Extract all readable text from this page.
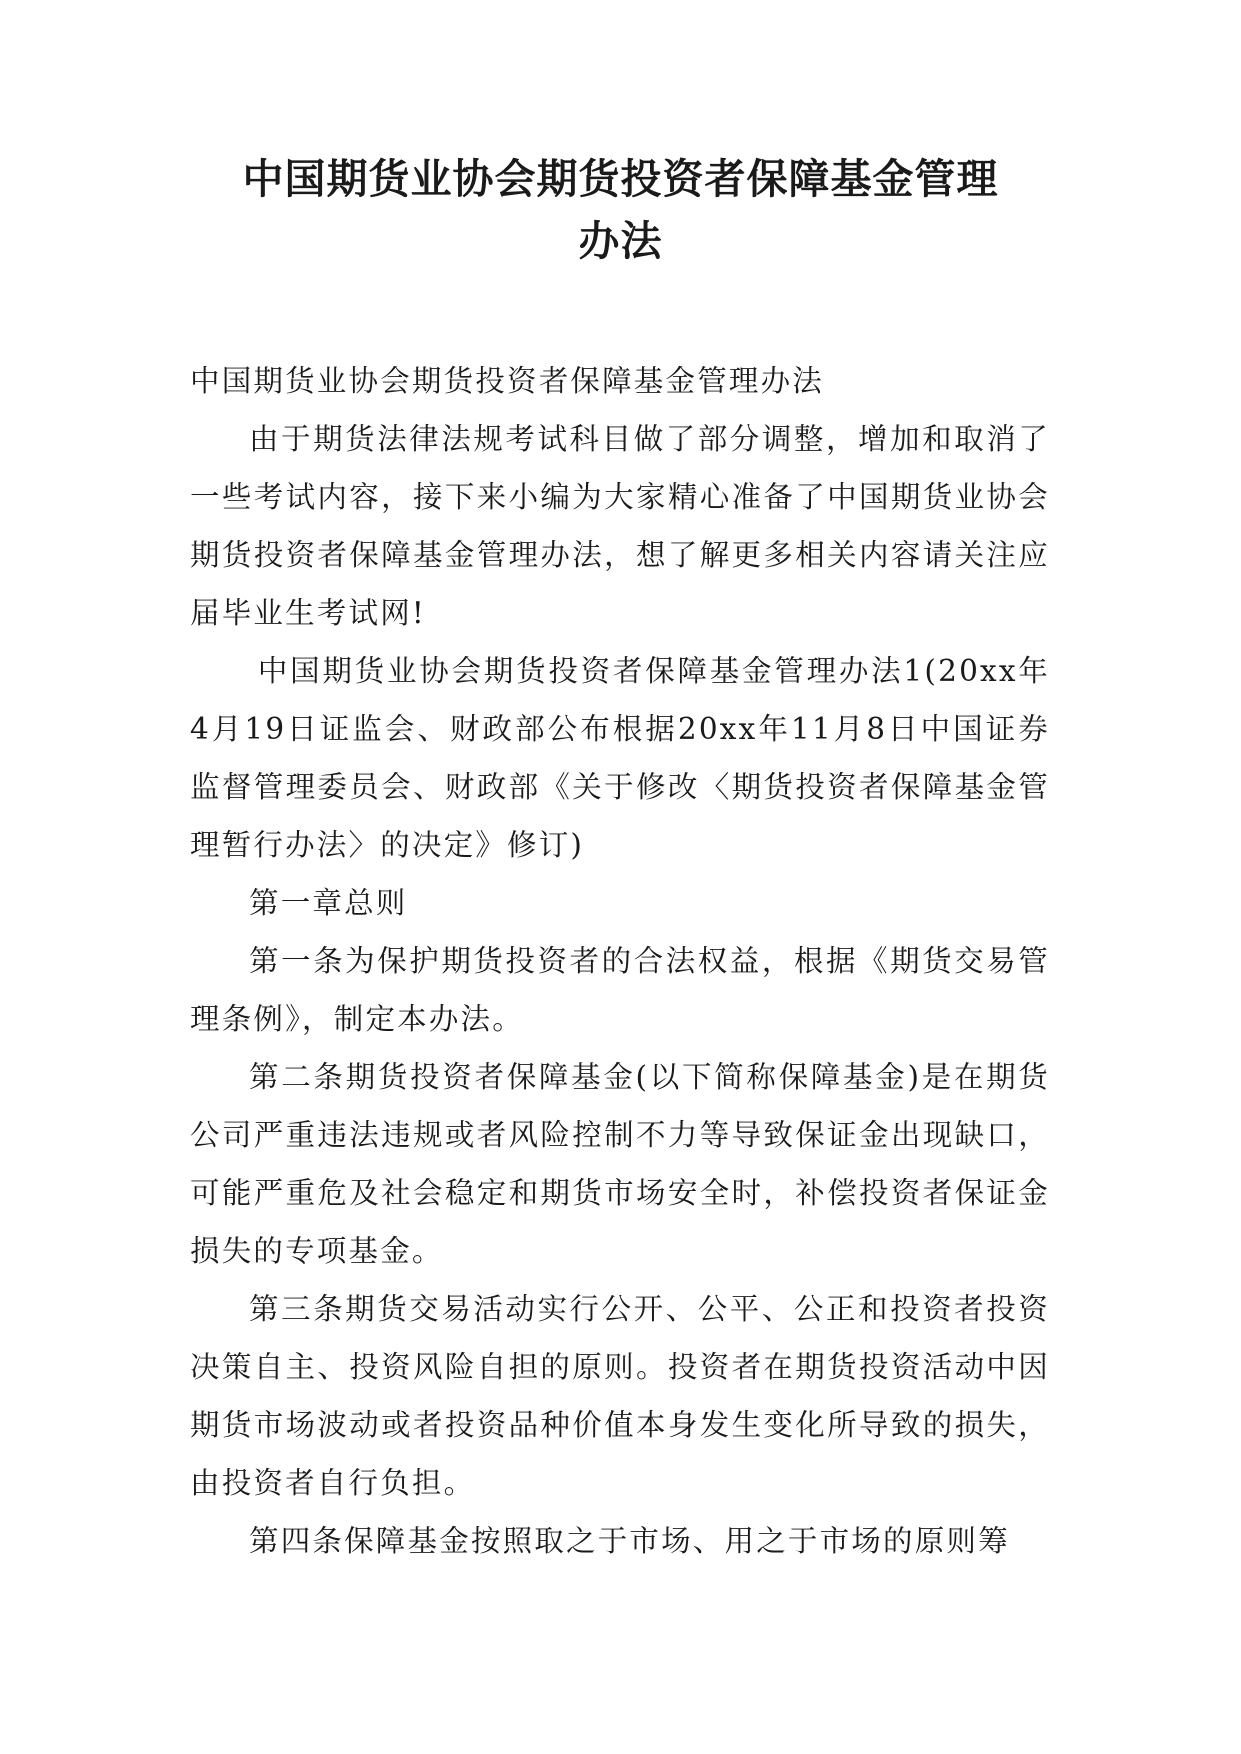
中国期货业协会期货投资者保障基金管理
办法

中国期货业协会期货投资者保障基金管理办法

由于期货法律法规考试科目做了部分调整，增加和取消了一些考试内容，接下来小编为大家精心准备了中国期货业协会期货投资者保障基金管理办法，想了解更多相关内容请关注应届毕业生考试网!

中国期货业协会期货投资者保障基金管理办法1(20xx年4月19日证监会、财政部公布根据20xx年11月8日中国证券监督管理委员会、财政部《关于修改〈期货投资者保障基金管理暂行办法〉的决定》修订)

第一章总则

第一条为保护期货投资者的合法权益，根据《期货交易管理条例》，制定本办法。

第二条期货投资者保障基金(以下简称保障基金)是在期货公司严重违法违规或者风险控制不力等导致保证金出现缺口，可能严重危及社会稳定和期货市场安全时，补偿投资者保证金损失的专项基金。

第三条期货交易活动实行公开、公平、公正和投资者投资决策自主、投资风险自担的原则。投资者在期货投资活动中因期货市场波动或者投资品种价值本身发生变化所导致的损失，由投资者自行负担。

第四条保障基金按照取之于市场、用之于市场的原则筹
